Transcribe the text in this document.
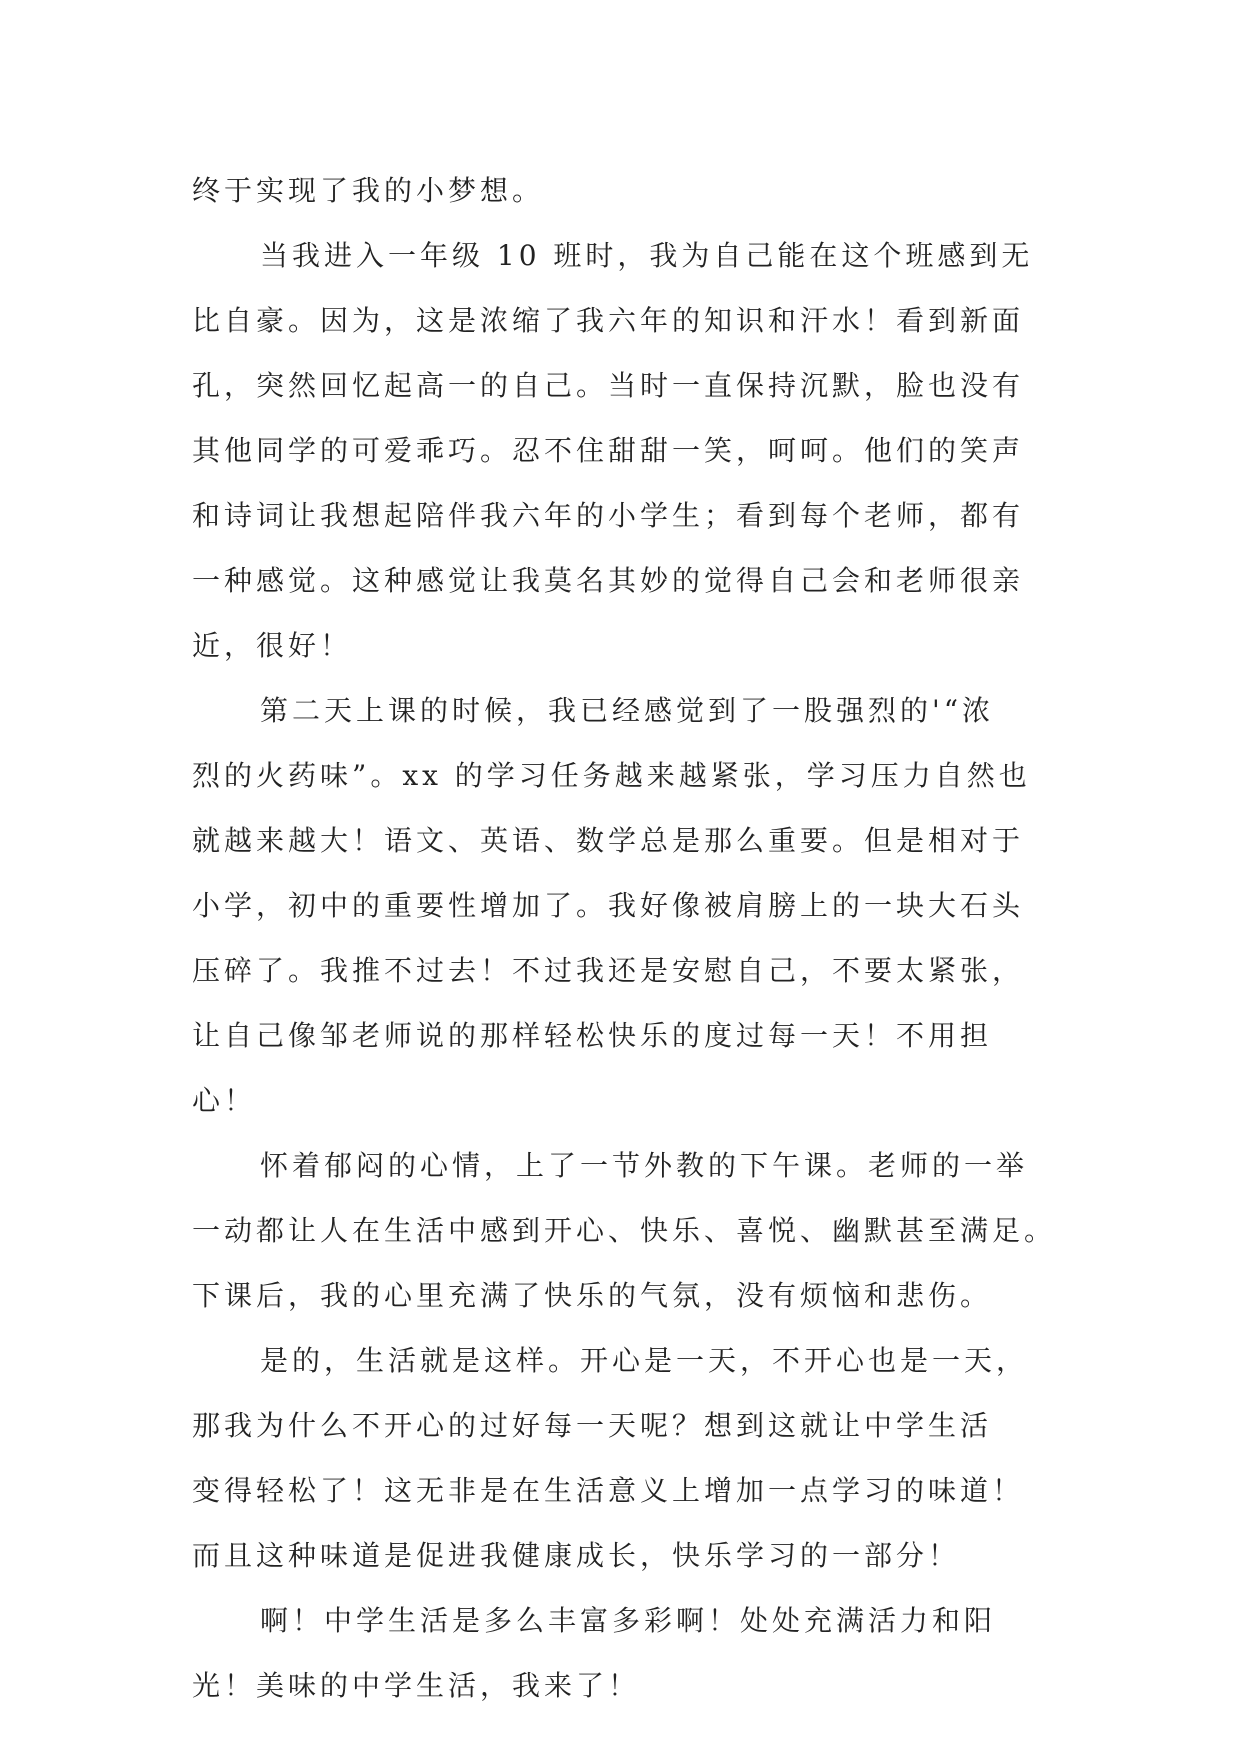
终于实现了我的小梦想。
当我进入一年级 10 班时，我为自己能在这个班感到无
比自豪。因为，这是浓缩了我六年的知识和汗水！看到新面
孔，突然回忆起高一的自己。当时一直保持沉默，脸也没有
其他同学的可爱乖巧。忍不住甜甜一笑，呵呵。他们的笑声
和诗词让我想起陪伴我六年的小学生；看到每个老师，都有
一种感觉。这种感觉让我莫名其妙的觉得自己会和老师很亲
近，很好！
第二天上课的时候，我已经感觉到了一股强烈的'“浓
烈的火药味”。xx 的学习任务越来越紧张，学习压力自然也
就越来越大！语文、英语、数学总是那么重要。但是相对于
小学，初中的重要性增加了。我好像被肩膀上的一块大石头
压碎了。我推不过去！不过我还是安慰自己，不要太紧张，
让自己像邹老师说的那样轻松快乐的度过每一天！不用担
心！
怀着郁闷的心情，上了一节外教的下午课。老师的一举
一动都让人在生活中感到开心、快乐、喜悦、幽默甚至满足。
下课后，我的心里充满了快乐的气氛，没有烦恼和悲伤。
是的，生活就是这样。开心是一天，不开心也是一天，
那我为什么不开心的过好每一天呢？想到这就让中学生活
变得轻松了！这无非是在生活意义上增加一点学习的味道！
而且这种味道是促进我健康成长，快乐学习的一部分！
啊！中学生活是多么丰富多彩啊！处处充满活力和阳
光！美味的中学生活，我来了！
